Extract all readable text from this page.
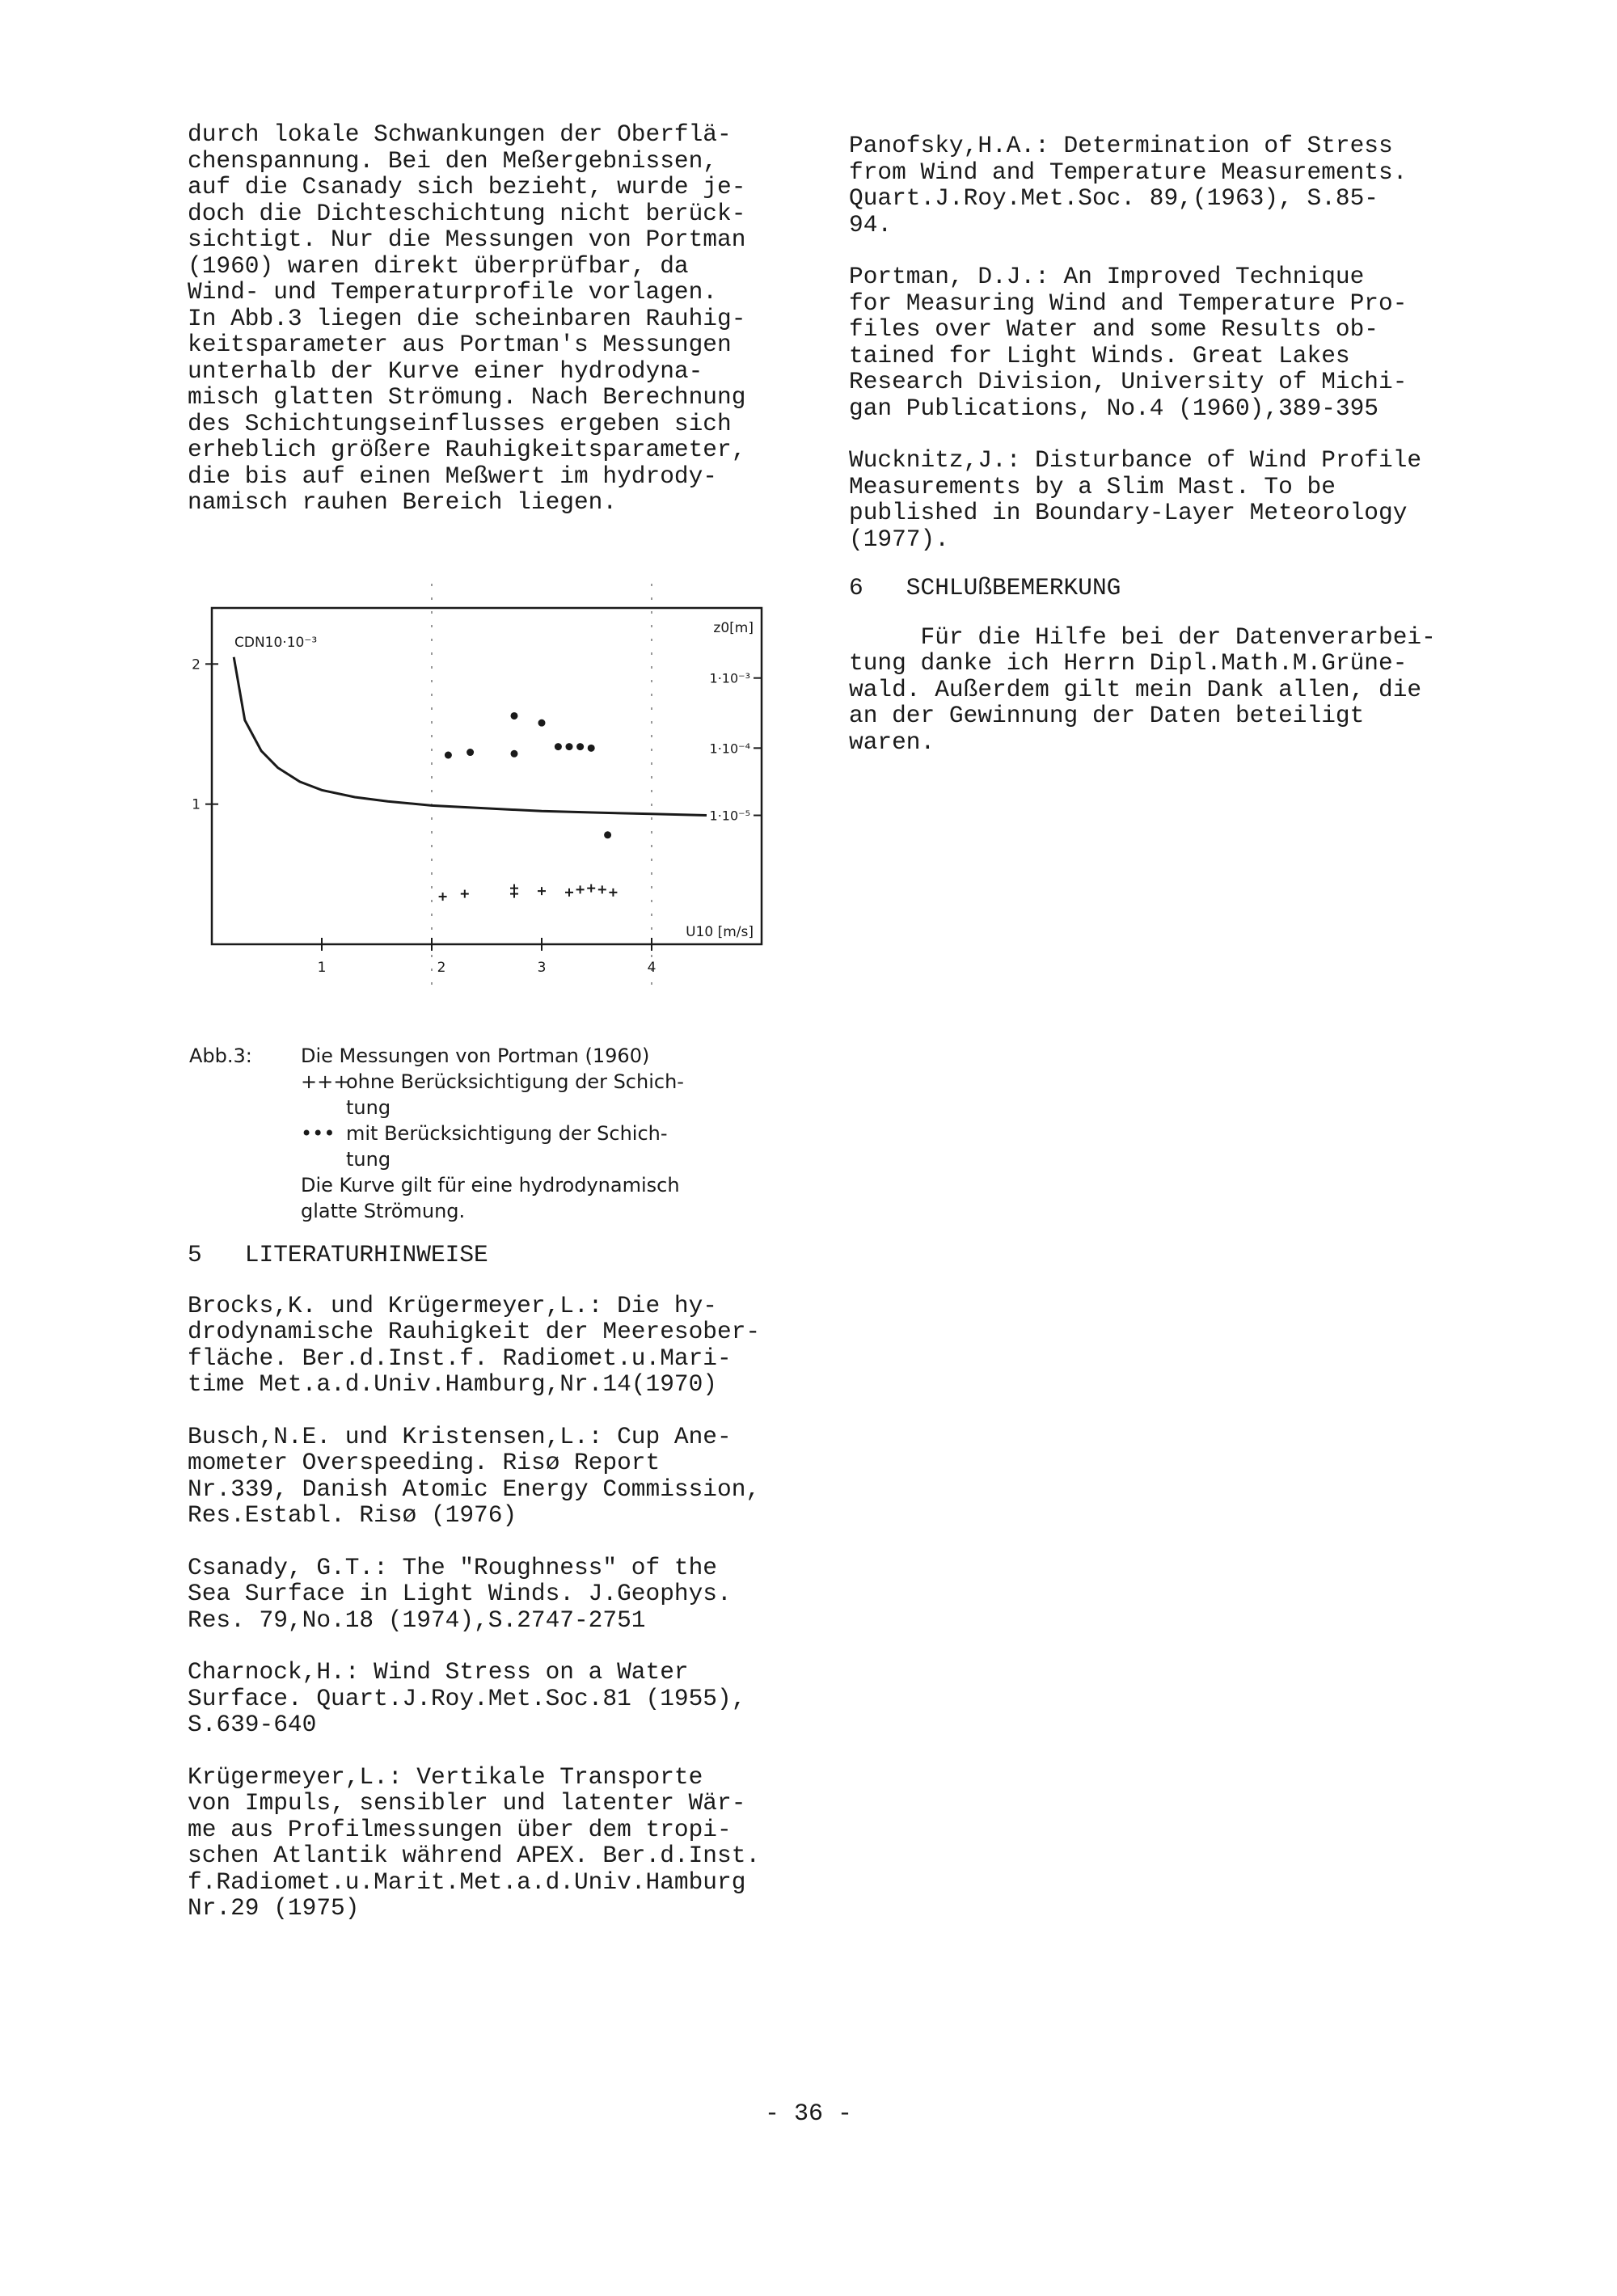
durch lokale Schwankungen der Oberflä-
chenspannung. Bei den Meßergebnissen,
auf die Csanady sich bezieht, wurde je-
doch die Dichteschichtung nicht berück-
sichtigt. Nur die Messungen von Portman
(1960) waren direkt überprüfbar, da
Wind- und Temperaturprofile vorlagen.
In Abb.3 liegen die scheinbaren Rauhig-
keitsparameter aus Portman's Messungen
unterhalb der Kurve einer hydrodyna-
misch glatten Strömung. Nach Berechnung
des Schichtungseinflusses ergeben sich
erheblich größere Rauhigkeitsparameter,
die bis auf einen Meßwert im hydrody-
namisch rauhen Bereich liegen.

1	2	3	4
1
2
1·10⁻³
1·10⁻⁴
1·10⁻⁵
CDN10·10⁻³
U10 [m/s]
z0[m]
Abb.3:	Die Messungen von Portman (1960)
+++
ohne Berücksichtigung der Schich-
tung
••• mit Berücksichtigung der Schich-
tung
Die Kurve gilt für eine hydrodynamisch
glatte Strömung.

5   LITERATURHINWEISE

Brocks,K. und Krügermeyer,L.: Die hy-
drodynamische Rauhigkeit der Meeresober-
fläche. Ber.d.Inst.f. Radiomet.u.Mari-
time Met.a.d.Univ.Hamburg,Nr.14(1970)

Busch,N.E. und Kristensen,L.: Cup Ane-
mometer Overspeeding. Risø Report
Nr.339, Danish Atomic Energy Commission,
Res.Establ. Risø (1976)

Csanady, G.T.: The "Roughness" of the
Sea Surface in Light Winds. J.Geophys.
Res. 79,No.18 (1974),S.2747-2751

Charnock,H.: Wind Stress on a Water
Surface. Quart.J.Roy.Met.Soc.81 (1955),
S.639-640

Krügermeyer,L.: Vertikale Transporte
von Impuls, sensibler und latenter Wär-
me aus Profilmessungen über dem tropi-
schen Atlantik während APEX. Ber.d.Inst.
f.Radiomet.u.Marit.Met.a.d.Univ.Hamburg
Nr.29 (1975)

Panofsky,H.A.: Determination of Stress
from Wind and Temperature Measurements.
Quart.J.Roy.Met.Soc. 89,(1963), S.85-
94.

Portman, D.J.: An Improved Technique
for Measuring Wind and Temperature Pro-
files over Water and some Results ob-
tained for Light Winds. Great Lakes
Research Division, University of Michi-
gan Publications, No.4 (1960),389-395

Wucknitz,J.: Disturbance of Wind Profile
Measurements by a Slim Mast. To be
published in Boundary-Layer Meteorology
(1977).

6   SCHLUßBEMERKUNG

Für die Hilfe bei der Datenverarbei-
tung danke ich Herrn Dipl.Math.M.Grüne-
wald. Außerdem gilt mein Dank allen, die
an der Gewinnung der Daten beteiligt
waren.

- 36 -
